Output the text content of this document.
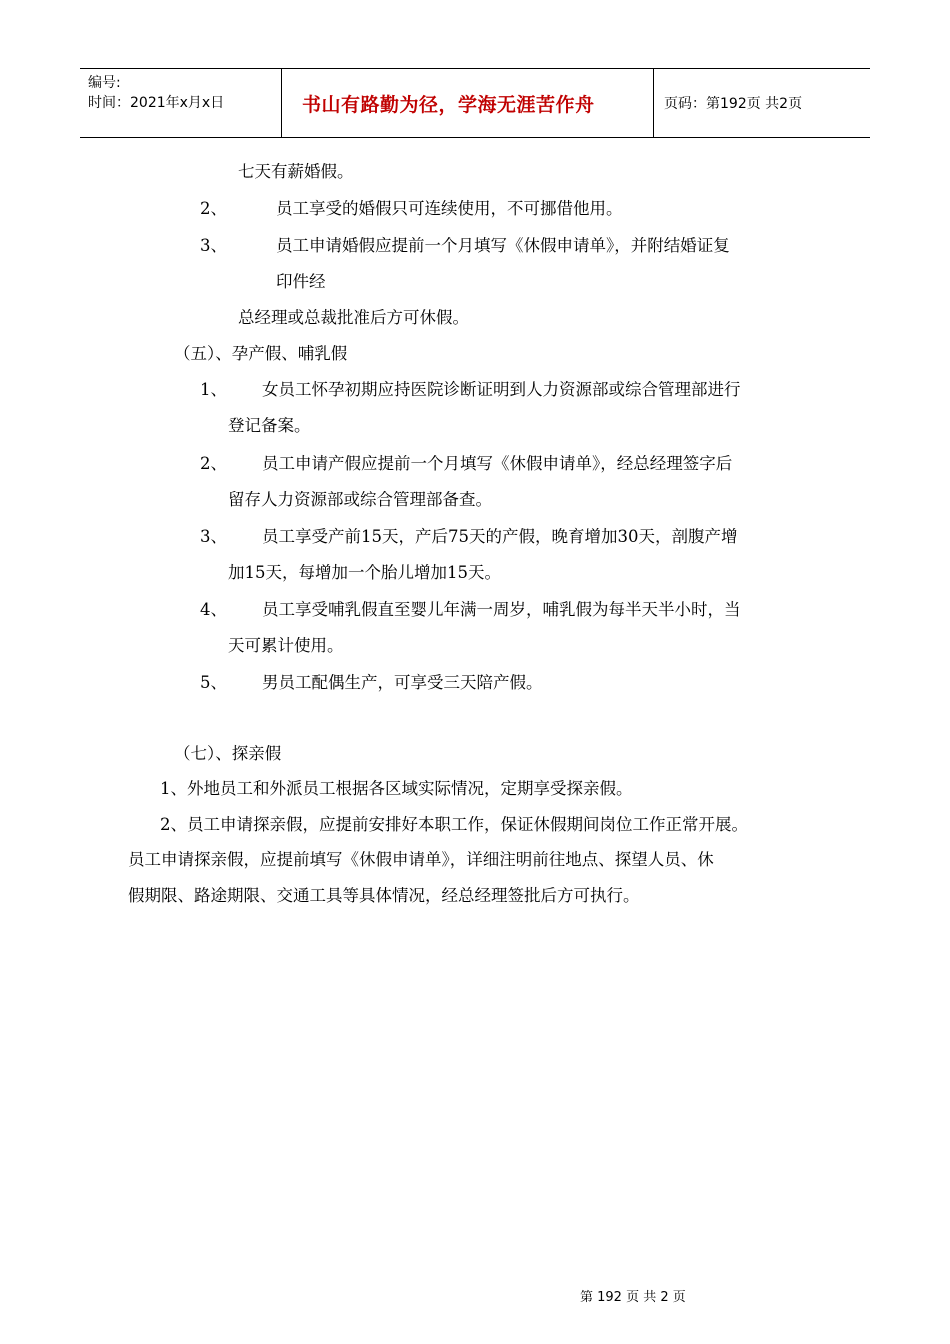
编号:
时间：2021年x月x日	书山有路勤为径，学海无涯苦作舟	页码：第192页 共2页
七天有薪婚假。
2、	员工享受的婚假只可连续使用，不可挪借他用。
3、	员工申请婚假应提前一个月填写《休假申请单》，并附结婚证复
印件经
总经理或总裁批准后方可休假。
（五）、孕产假、哺乳假
1、 女员工怀孕初期应持医院诊断证明到人力资源部或综合管理部进行
登记备案。
2、 员工申请产假应提前一个月填写《休假申请单》，经总经理签字后
留存人力资源部或综合管理部备查。
3、 员工享受产前15天，产后75天的产假，晚育增加30天，剖腹产增
加15天，每增加一个胎儿增加15天。
4、 员工享受哺乳假直至婴儿年满一周岁，哺乳假为每半天半小时，当
天可累计使用。
5、 男员工配偶生产，可享受三天陪产假。
（七）、探亲假
1、外地员工和外派员工根据各区域实际情况，定期享受探亲假。
2、员工申请探亲假，应提前安排好本职工作，保证休假期间岗位工作正常开展。
员工申请探亲假，应提前填写《休假申请单》，详细注明前往地点、探望人员、休
假期限、路途期限、交通工具等具体情况，经总经理签批后方可执行。
第 192 页 共 2 页
